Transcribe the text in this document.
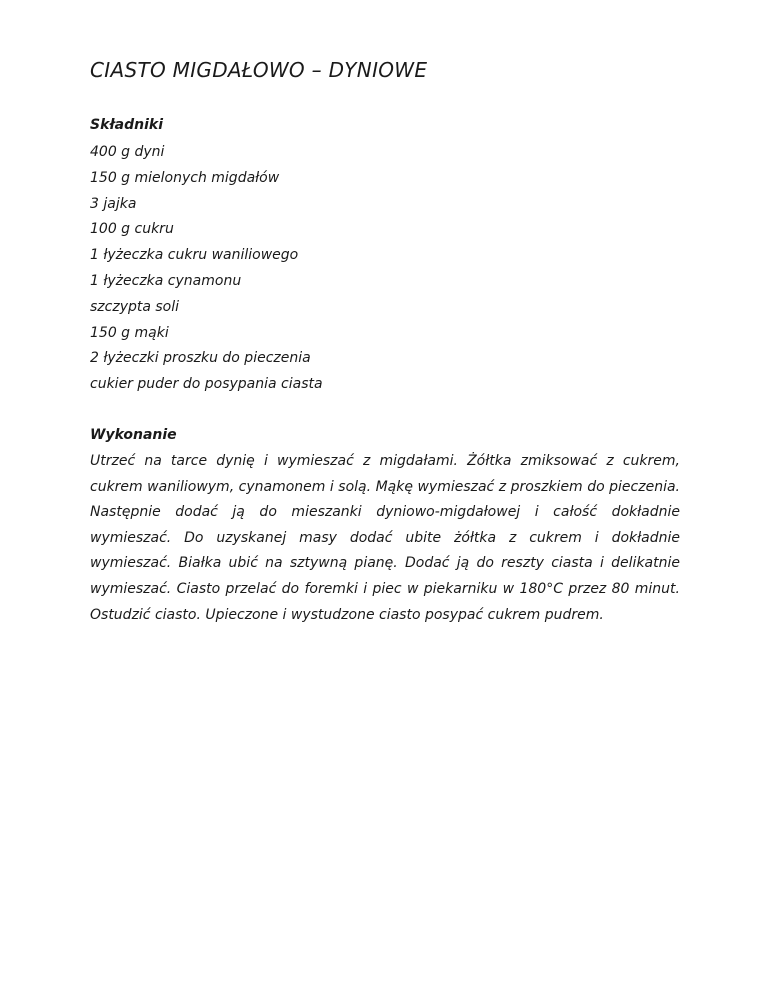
CIASTO MIGDAŁOWO – DYNIOWE
Składniki
400 g dyni
150 g mielonych migdałów
3 jajka
100 g cukru
1 łyżeczka cukru waniliowego
1 łyżeczka cynamonu
szczypta soli
150 g mąki
2 łyżeczki proszku do pieczenia
cukier puder do posypania ciasta
Wykonanie

Utrzeć na tarce dynię i wymieszać z migdałami. Żółtka zmiksować z cukrem, cukrem waniliowym, cynamonem i solą. Mąkę wymieszać z proszkiem do pieczenia. Następnie dodać ją do mieszanki dyniowo-migdałowej i całość dokładnie wymieszać. Do uzyskanej masy dodać ubite żółtka z cukrem i dokładnie wymieszać. Białka ubić na sztywną pianę. Dodać ją do reszty ciasta i delikatnie wymieszać. Ciasto przelać do foremki i piec w piekarniku w 180°C przez 80 minut. Ostudzić ciasto. Upieczone i wystudzone ciasto posypać cukrem pudrem.
